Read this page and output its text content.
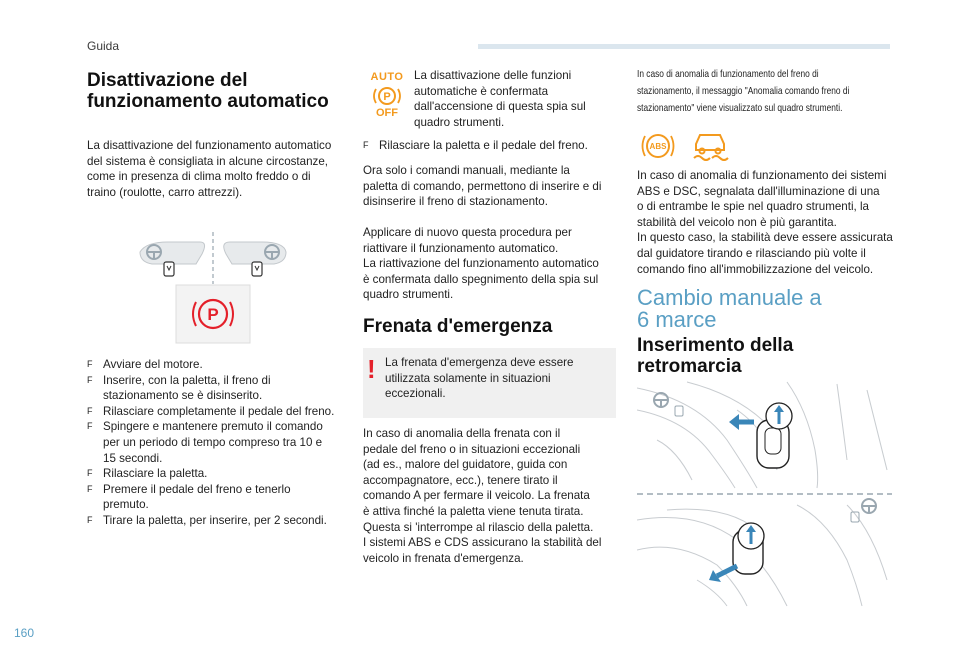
Guida
Disattivazione del
funzionamento automatico
La disattivazione del funzionamento automatico
del sistema è consigliata in alcune circostanze,
come in presenza di clima molto freddo o di
traino (roulotte, carro attrezzi).
P
F Avviare del motore.
F Inserire, con la paletta, il freno di
stazionamento se è disinserito.
F Rilasciare completamente il pedale del freno.
F Spingere e mantenere premuto il comando
per un periodo di tempo compreso tra 10 e
15 secondi.
F Rilasciare la paletta.
F Premere il pedale del freno e tenerlo
premuto.
F Tirare la paletta, per inserire, per 2 secondi.
AUTO
P
OFF
La disattivazione delle funzioni
automatiche è confermata
dall'accensione di questa spia sul
quadro strumenti.
F Rilasciare la paletta e il pedale del freno.
Ora solo i comandi manuali, mediante la
paletta di comando, permettono di inserire e di
disinserire il freno di stazionamento.
Applicare di nuovo questa procedura per
riattivare il funzionamento automatico.
La riattivazione del funzionamento automatico
è confermata dallo spegnimento della spia sul
quadro strumenti.
Frenata d'emergenza
! La frenata d'emergenza deve essere
utilizzata solamente in situazioni
eccezionali.
In caso di anomalia della frenata con il
pedale del freno o in situazioni eccezionali
(ad es., malore del guidatore, guida con
accompagnatore, ecc.), tenere tirato il
comando A per fermare il veicolo. La frenata
è attiva finché la paletta viene tenuta tirata.
Questa si 'interrompe al rilascio della paletta.
I sistemi ABS e CDS assicurano la stabilità del
veicolo in frenata d'emergenza.
In caso di anomalia di funzionamento del freno di
stazionamento, il messaggio "Anomalia comando freno di
stazionamento" viene visualizzato sul quadro strumenti.
ABS
In caso di anomalia di funzionamento dei sistemi
ABS e DSC, segnalata dall'illuminazione di una
o di entrambe le spie nel quadro strumenti, la
stabilità del veicolo non è più garantita.
In questo caso, la stabilità deve essere assicurata
dal guidatore tirando e rilasciando più volte il
comando fino all'immobilizzazione del veicolo.
Cambio manuale a
6 marce
Inserimento della
retromarcia
160
